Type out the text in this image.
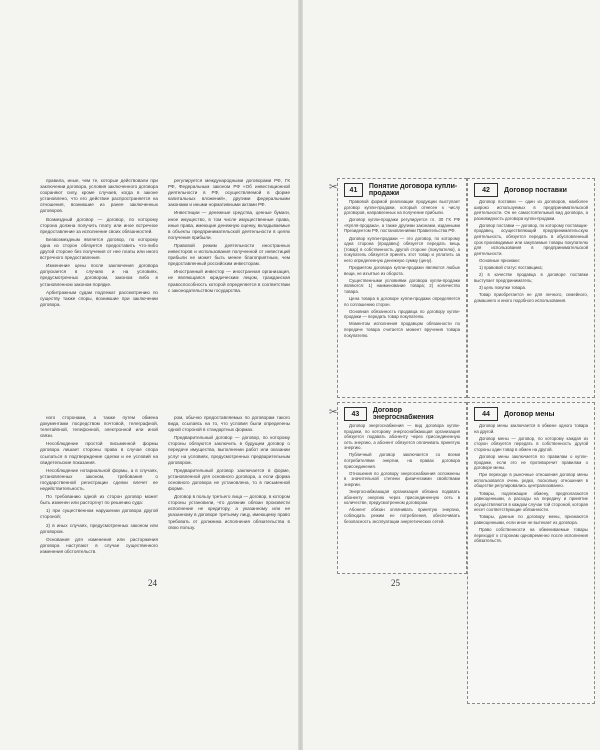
правила, иные, чем те, которые действовали при заключении договора, условия заключенного договора сохраняют силу, кроме случаев, когда в законе установлено, что его действие распространяется на отношения, возникшие из ранее заключенных договоров.

Возмездный договор — договор, по которому сторона должна получить плату или иное встречное предоставление за исполнение своих обязанностей.

Безвозмездным является договор, по которому одна из сторон обязуется предоставить что-либо другой стороне без получения от нее платы или иного встречного предоставления.

Изменение цены после заключения договора допускается в случаях и на условиях, предусмотренных договором, законом либо в установленном законом порядке.

Арбитражным судам подлежат рассмотрению по существу также споры, возникшие при заключении договора.

регулируется международными договорами РФ, ГК РФ, Федеральным законом РФ «Об инвестиционной деятельности в РФ, осуществляемой в форме капитальных вложений», другими федеральными законами и иными нормативными актами РФ.

Инвестиции — денежные средства, ценные бумаги, иное имущество, в том числе имущественные права, иные права, имеющие денежную оценку, вкладываемые в объекты предпринимательской деятельности в целях получения прибыли.

Правовой режим деятельности иностранных инвесторов и использования полученной от инвестиций прибыли не может быть менее благоприятным, чем предоставленный российским инвесторам.

Иностранный инвестор — иностранная организация, не являющаяся юридическим лицом, гражданская правоспособность которой определяется в соответствии с законодательством государства.

ного сторонами, а также путем обмена документами посредством почтовой, телеграфной, телетайпной, телефонной, электронной или иной связи.

Несоблюдение простой письменной формы договора лишает стороны права в случае спора ссылаться в подтверждение сделки и ее условий на свидетельские показания.

Несоблюдение нотариальной формы, а в случаях, установленных законом, требования о государственной регистрации сделки влечет ее недействительность.

По требованию одной из сторон договор может быть изменен или расторгнут по решению суда:

1) при существенном нарушении договора другой стороной;

2) в иных случаях, предусмотренных законом или договором.

Основания для изменения или расторжения договора наступают в случае существенного изменения обстоятельств.

ром, обычно предоставляемых по договорам такого вида, ссылаясь на то, что условия были определены одной стороной в стандартных формах.

Предварительный договор — договор, по которому стороны обязуются заключить в будущем договор о передаче имущества, выполнении работ или оказании услуг на условиях, предусмотренных предварительным договором.

Предварительный договор заключается в форме, установленной для основного договора, а если форма основного договора не установлена, то в письменной форме.

Договор в пользу третьего лица — договор, в котором стороны установили, что должник обязан произвести исполнение не кредитору, а указанному или не указанному в договоре третьему лицу, имеющему право требовать от должника исполнения обязательства в свою пользу.

24
✂	41	Понятие договора купли-продажи

Правовой формой реализации продукции выступает договор купли-продажи, который отнесен к числу договоров, направленных на получение прибыли.

Договор купли-продажи регулируется гл. 30 ГК РФ «Купля-продажа», а также другими законами, изданными Президентом РФ, постановлениями Правительства РФ.

Договор купли-продажи — это договор, по которому одна сторона (продавец) обязуется передать вещь (товар) в собственность другой стороне (покупателю), а покупатель обязуется принять этот товар и уплатить за него определенную денежную сумму (цену).

Предметом договора купли-продажи являются любые вещи, не изъятые из оборота.

Существенными условиями договора купли-продажи являются: 1) наименование товара; 2) количество товара.

Цена товара в договоре купли-продажи определяется по соглашению сторон.

Основная обязанность продавца по договору купли-продажи — передать товар покупателю.

Моментом исполнения продавцом обязанности по передаче товара считается момент вручения товара покупателю.

42	Договор поставки

Договор поставки — один из договоров, наиболее широко используемых в предпринимательской деятельности. Он не самостоятельный вид договора, а разновидность договора купли-продажи.

Договор поставки — договор, по которому поставщик-продавец, осуществляющий предпринимательскую деятельность, обязуется передать в обусловленный срок производимые или закупаемые товары покупателю для использования в предпринимательской деятельности.

Основные признаки:

1) правовой статус поставщика;

2) в качестве продавца в договоре поставки выступает предприниматель;

3) цель покупки товара.

Товар приобретается не для личного, семейного, домашнего и иного подобного использования.

✂	43	Договор энергоснабжения

Договор энергоснабжения — вид договора купли-продажи, по которому энергоснабжающая организация обязуется подавать абоненту через присоединенную сеть энергию, а абонент обязуется оплачивать принятую энергию.

Публичный договор заключается со всеми потребителями энергии, на правах договора присоединения.

Отношения по договору энергоснабжения осложнены в значительной степени физическими свойствами энергии.

Энергоснабжающая организация обязана подавать абоненту энергию через присоединенную сеть в количестве, предусмотренном договором.

Абонент обязан оплачивать принятую энергию, соблюдать режим ее потребления, обеспечивать безопасность эксплуатации энергетических сетей.

44	Договор мены

Договор мены заключается в обмене одного товара на другой.

Договор мены — договор, по которому каждая из сторон обязуется передать в собственность другой стороны один товар в обмен на другой.

Договор мены заключается по правилам о купле-продаже, если это не противоречит правилам о договоре мены.

При переходе в рыночные отношения договор мены использовался очень редко, поскольку отношения в обществе регулировались централизованно.

Товары, подлежащие обмену, предполагаются равноценными, а расходы на передачу и принятие осуществляются в каждом случае той стороной, которая несет соответствующие обязанности.

Товары, данные по договору мены, признаются равноценными, если иное не вытекает из договора.

Право собственности на обмениваемые товары переходит к сторонам одновременно после исполнения обязательств.

25
